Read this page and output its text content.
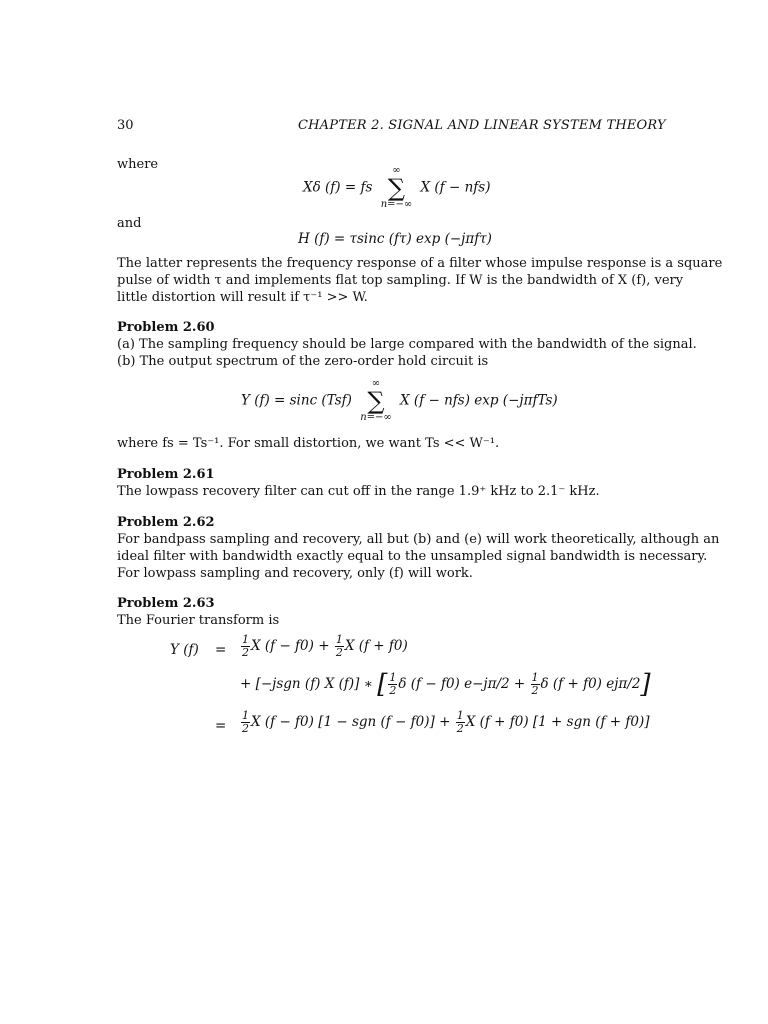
30	CHAPTER 2. SIGNAL AND LINEAR SYSTEM THEORY
where
Xδ (f) = fs
∞
∑
n=−∞
X (f − nfs)
and
H (f) = τsinc (fτ) exp (−jπfτ)
The latter represents the frequency response of a filter whose impulse response is a square
pulse of width τ and implements flat top sampling. If W is the bandwidth of X (f), very
little distortion will result if τ⁻¹ >> W.
Problem 2.60
(a) The sampling frequency should be large compared with the bandwidth of the signal.
(b) The output spectrum of the zero-order hold circuit is
Y (f) = sinc (Tsf)
∞
∑
n=−∞
X (f − nfs) exp (−jπfTs)
where fs = Ts⁻¹. For small distortion, we want Ts << W⁻¹.
Problem 2.61
The lowpass recovery filter can cut off in the range 1.9⁺ kHz to 2.1⁻ kHz.
Problem 2.62
For bandpass sampling and recovery, all but (b) and (e) will work theoretically, although an
ideal filter with bandwidth exactly equal to the unsampled signal bandwidth is necessary.
For lowpass sampling and recovery, only (f) will work.
Problem 2.63
The Fourier transform is
Y $(f) = \frac{1}{2}$ X $(f - f0) + \frac{1}{2}$ X (f + f0)
+ [−jsgn (f) X (f)] ∗ [ $\frac{1}{2}$ δ (f − f0) $e-j\pi/2 + \frac{1}{2}$ δ (f + f0) ejπ/2]
= $\frac{1}{2}$ X (f − f0) [1 − sgn $(f - f0)] + \frac{1}{2}$ X (f + f0) [1 + sgn (f + f0)]
